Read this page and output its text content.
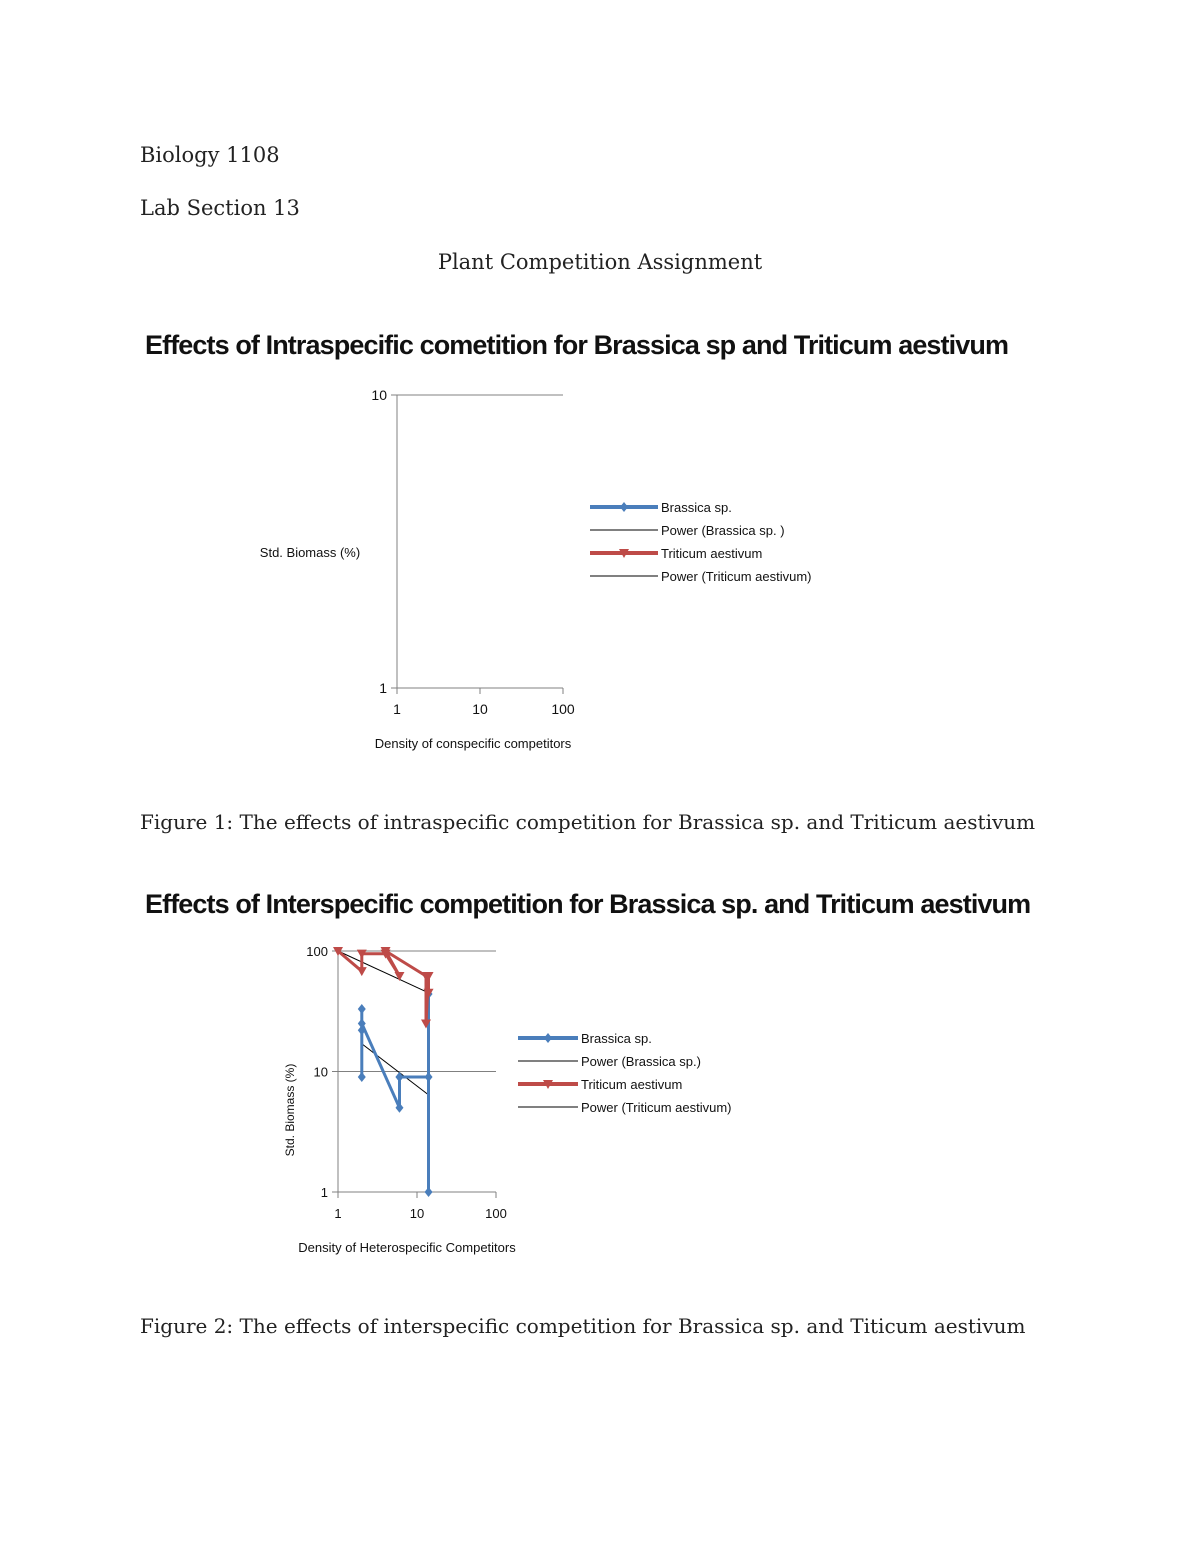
Biology 1108
Lab Section 13
Plant Competition Assignment
Effects of Intraspecific cometition for Brassica sp and Triticum aestivum
Figure 1: The effects of intraspecific competition for Brassica sp. and Triticum aestivum
Effects of Interspecific competition for Brassica sp. and Triticum aestivum
Figure 2: The effects of interspecific competition for Brassica sp. and Titicum aestivum
1
10
1	10	100
Std. Biomass (%)
Density of conspecific competitors
Brassica sp.
Power (Brassica sp. )
Triticum aestivum
Power (Triticum aestivum)
1
10
100
1	10	100
Std. Biomass (%)
Density of Heterospecific Competitors
Brassica sp.
Power (Brassica sp.)
Triticum aestivum
Power (Triticum aestivum)
